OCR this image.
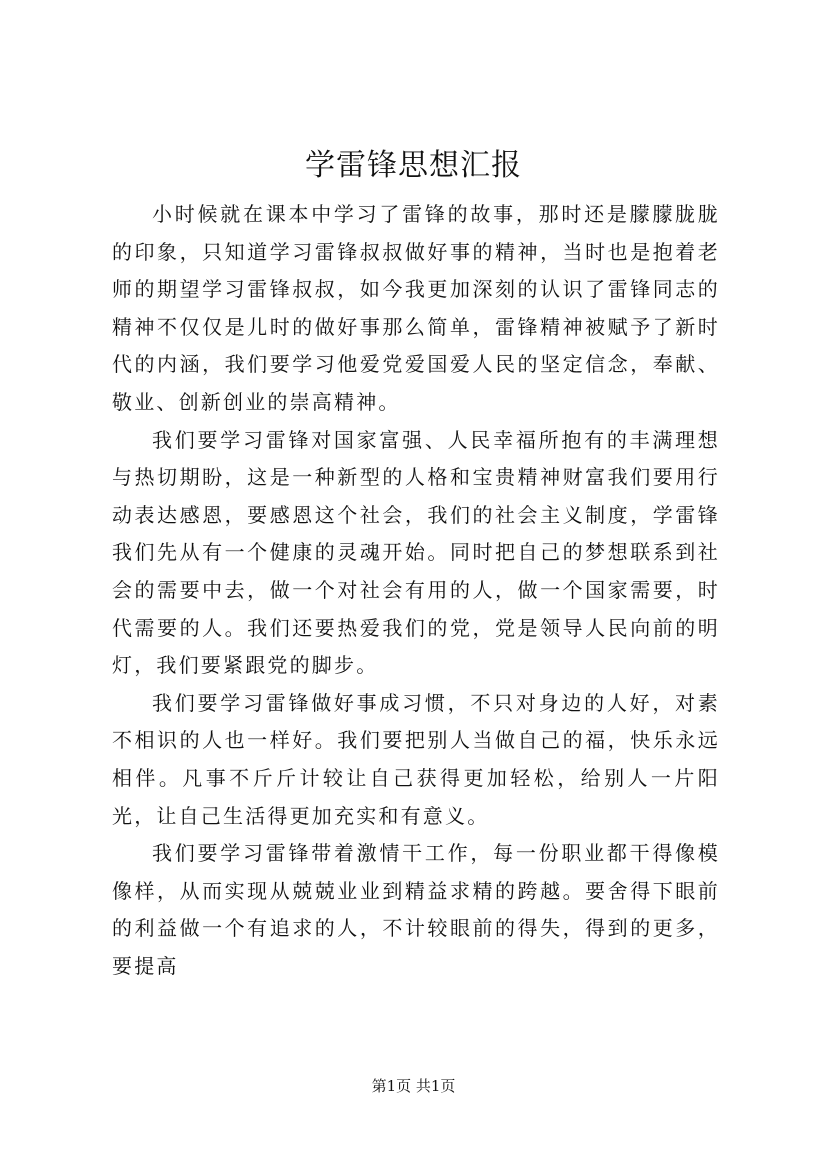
学雷锋思想汇报

小时候就在课本中学习了雷锋的故事，那时还是朦朦胧胧的印象，只知道学习雷锋叔叔做好事的精神，当时也是抱着老师的期望学习雷锋叔叔，如今我更加深刻的认识了雷锋同志的精神不仅仅是儿时的做好事那么简单，雷锋精神被赋予了新时代的内涵，我们要学习他爱党爱国爱人民的坚定信念，奉献、敬业、创新创业的崇高精神。

我们要学习雷锋对国家富强、人民幸福所抱有的丰满理想与热切期盼，这是一种新型的人格和宝贵精神财富我们要用行动表达感恩，要感恩这个社会，我们的社会主义制度，学雷锋我们先从有一个健康的灵魂开始。同时把自己的梦想联系到社会的需要中去，做一个对社会有用的人，做一个国家需要，时代需要的人。我们还要热爱我们的党，党是领导人民向前的明灯，我们要紧跟党的脚步。

我们要学习雷锋做好事成习惯，不只对身边的人好，对素不相识的人也一样好。我们要把别人当做自己的福，快乐永远相伴。凡事不斤斤计较让自己获得更加轻松，给别人一片阳光，让自己生活得更加充实和有意义。

我们要学习雷锋带着激情干工作，每一份职业都干得像模像样，从而实现从兢兢业业到精益求精的跨越。要舍得下眼前的利益做一个有追求的人，不计较眼前的得失，得到的更多，要提高

第1页 共1页
